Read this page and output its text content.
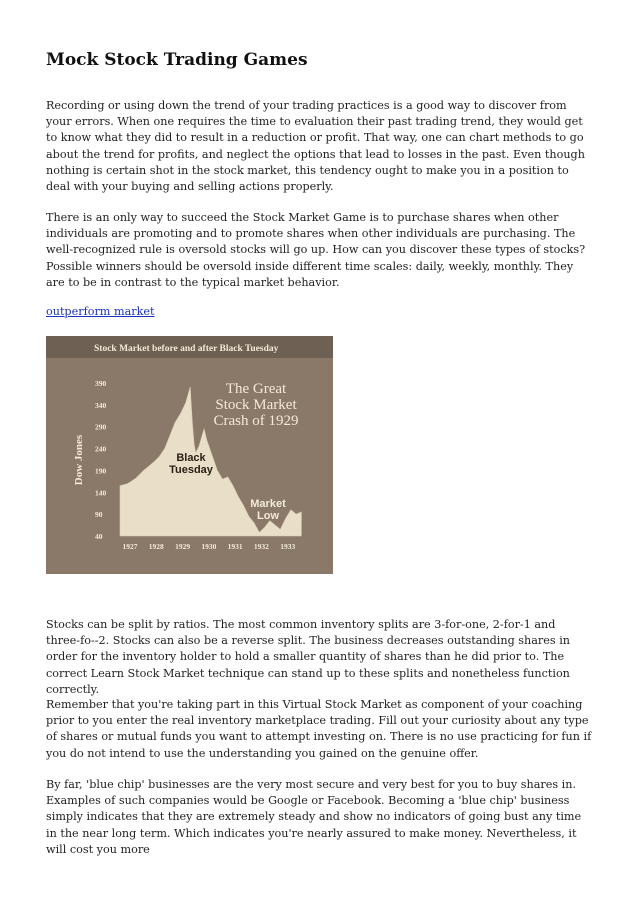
Mock Stock Trading Games

Recording or using down the trend of your trading practices is a good way to discover from your errors. When one requires the time to evaluation their past trading trend, they would get to know what they did to result in a reduction or profit. That way, one can chart methods to go about the trend for profits, and neglect the options that lead to losses in the past. Even though nothing is certain shot in the stock market, this tendency ought to make you in a position to deal with your buying and selling actions properly.

There is an only way to succeed the Stock Market Game is to purchase shares when other individuals are promoting and to promote shares when other individuals are purchasing. The well-recognized rule is oversold stocks will go up. How can you discover these types of stocks? Possible winners should be oversold inside different time scales: daily, weekly, monthly. They are to be in contrast to the typical market behavior.

outperform market
Stock Market before and after Black Tuesday
Dow Jones
390
340
290
240
190
140
90
40
1927 1928 1929 1930 1931 1932 1933
The Great
Stock Market
Crash of 1929
Black
Tuesday
Market
Low

Stocks can be split by ratios. The most common inventory splits are 3-for-one, 2-for-1 and three-fo--2. Stocks can also be a reverse split. The business decreases outstanding shares in order for the inventory holder to hold a smaller quantity of shares than he did prior to. The correct Learn Stock Market technique can stand up to these splits and nonetheless function correctly.

Remember that you're taking part in this Virtual Stock Market as component of your coaching prior to you enter the real inventory marketplace trading. Fill out your curiosity about any type of shares or mutual funds you want to attempt investing on. There is no use practicing for fun if you do not intend to use the understanding you gained on the genuine offer.

By far, 'blue chip' businesses are the very most secure and very best for you to buy shares in. Examples of such companies would be Google or Facebook. Becoming a 'blue chip' business simply indicates that they are extremely steady and show no indicators of going bust any time in the near long term. Which indicates you're nearly assured to make money. Nevertheless, it will cost you more
